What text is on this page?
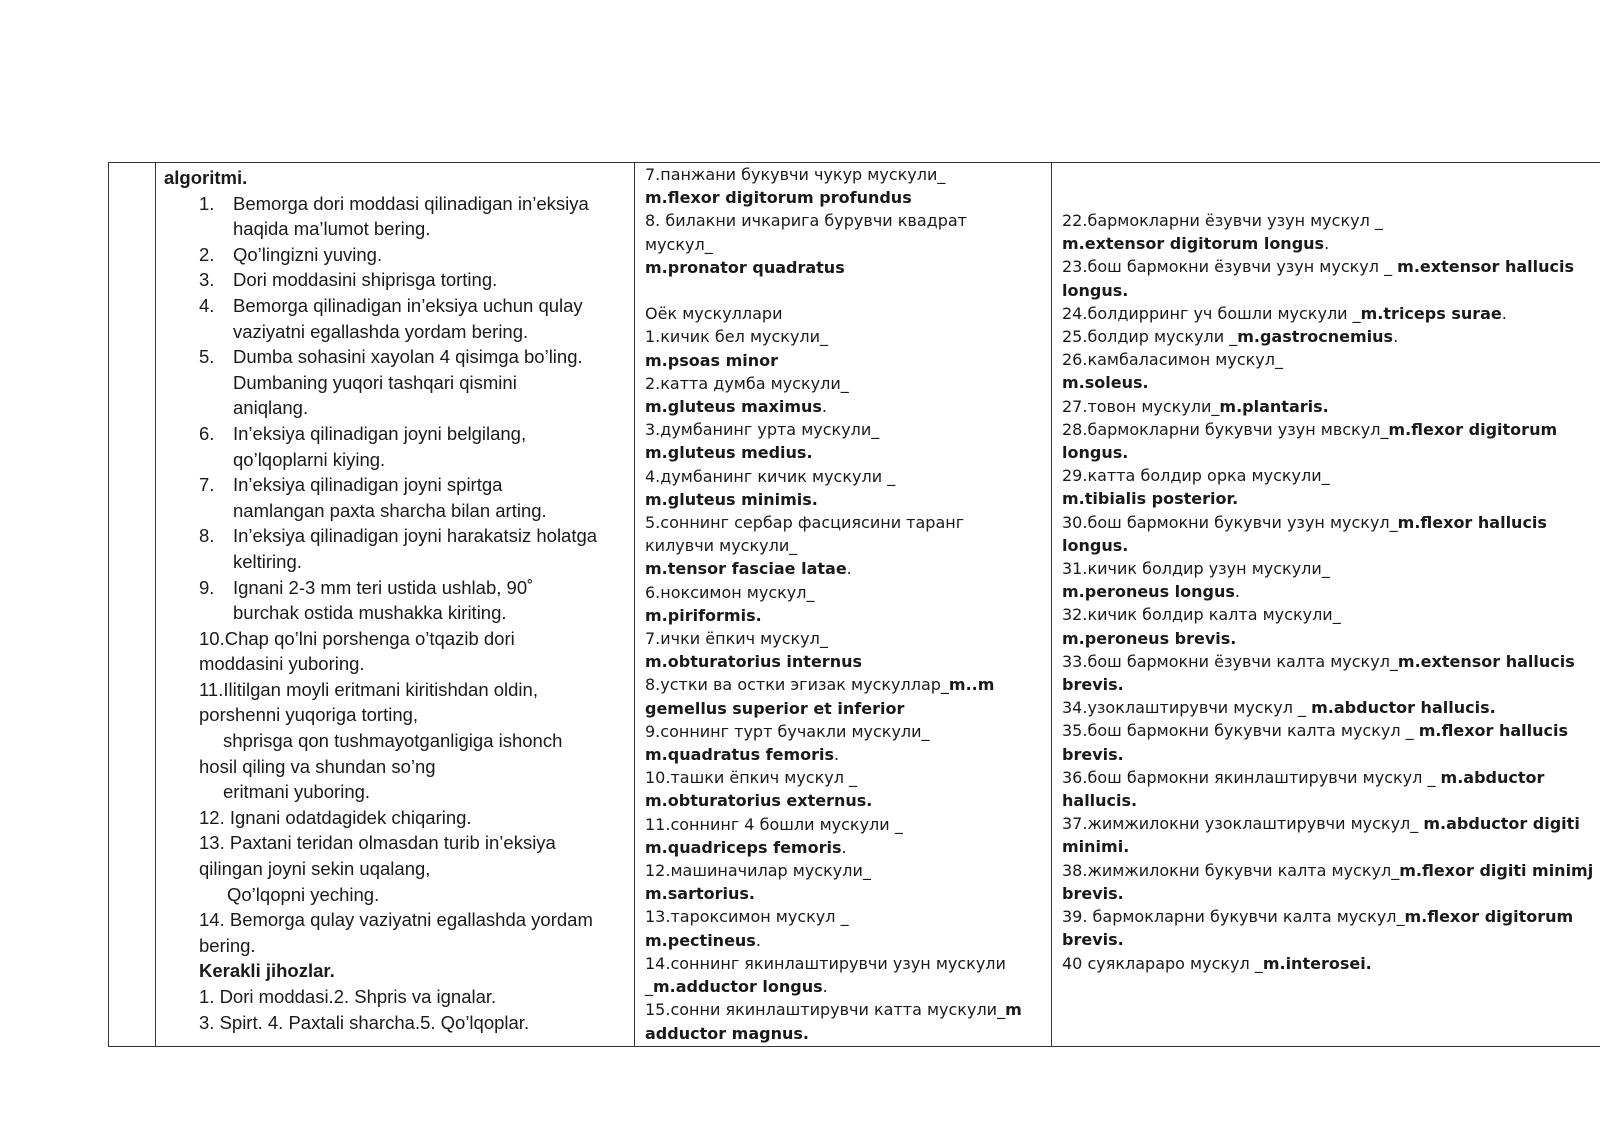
algoritmi.
1.	Bemorga dori moddasi qilinadigan in’eksiya
haqida ma’lumot bering.
2.	Qo’lingizni yuving.
3.	Dori moddasini shiprisga torting.
4.	Bemorga qilinadigan in’eksiya uchun qulay
vaziyatni egallashda yordam bering.
5.	Dumba sohasini xayolan 4 qisimga bo’ling.
Dumbaning yuqori tashqari qismini
aniqlang.
6.	In’eksiya qilinadigan joyni belgilang,
qo’lqoplarni kiying.
7.	In’eksiya qilinadigan joyni spirtga
namlangan paxta sharcha bilan arting.
8.	In’eksiya qilinadigan joyni harakatsiz holatga
keltiring.
9.	Ignani 2-3 mm teri ustida ushlab, 90˚
burchak ostida mushakka kiriting.
10.Chap qo’lni porshenga o’tqazib dori
moddasini yuboring.
11.Ilitilgan moyli eritmani kiritishdan oldin,
porshenni yuqoriga torting,
shprisga qon tushmayotganligiga ishonch
hosil qiling va shundan so’ng
eritmani yuboring.
12. Ignani odatdagidek chiqaring.
13. Paxtani teridan olmasdan turib in’eksiya
qilingan joyni sekin uqalang,
Qo’lqopni yeching.
14. Bemorga qulay vaziyatni egallashda yordam
bering.
Kerakli jihozlar.
1. Dori moddasi.2. Shpris va ignalar.
3. Spirt. 4. Paxtali sharcha.5. Qo’lqoplar.

7.панжани букувчи чукур мускули_
m.flexor digitorum profundus
8. билакни ичкарига бурувчи квадрат
мускул_
m.pronator quadratus
Оёк мускуллари
1.кичик бел мускули_
m.psoas minor
2.катта думба мускули_
m.gluteus maximus.
3.думбанинг урта мускули_
m.gluteus medius.
4.думбанинг кичик мускули _
m.gluteus minimis.
5.соннинг сербар фасциясини таранг
килувчи мускули_
m.tensor fasciae latae.
6.ноксимон мускул_
m.piriformis.
7.ички ёпкич мускул_
m.obturatorius internus
8.устки ва остки эгизак мускуллар_m..m
gemellus superior et inferior
9.соннинг турт бучакли мускули_
m.quadratus femoris.
10.ташки ёпкич мускул _
m.obturatorius externus.
11.соннинг 4 бошли мускули _
m.quadriceps femoris.
12.машиначилар мускули_
m.sartorius.
13.тароксимон мускул _
m.pectineus.
14.соннинг якинлаштирувчи узун мускули
_m.adductor longus.
15.сонни якинлаштирувчи катта мускули_m
adductor magnus.

22.бармокларни ёзувчи узун мускул _
m.extensor digitorum longus.
23.бош бармокни ёзувчи узун мускул _ m.extensor hallucis
longus.
24.болдирринг уч бошли мускули _m.triceps surae.
25.болдир мускули _m.gastrocnemius.
26.камбаласимон мускул_
m.soleus.
27.товон мускули_m.plantaris.
28.бармокларни букувчи узун мвскул_m.flexor digitorum
longus.
29.катта болдир орка мускули_
m.tibialis posterior.
30.бош бармокни букувчи узун мускул_m.flexor hallucis
longus.
31.кичик болдир узун мускули_
m.peroneus longus.
32.кичик болдир калта мускули_
m.peroneus brevis.
33.бош бармокни ёзувчи калта мускул_m.extensor hallucis
brevis.
34.узоклаштирувчи мускул _ m.abductor hallucis.
35.бош бармокни букувчи калта мускул _ m.flexor hallucis
brevis.
36.бош бармокни якинлаштирувчи мускул _ m.abductor
hallucis.
37.жимжилокни узоклаштирувчи мускул_ m.abductor digiti
minimi.
38.жимжилокни букувчи калта мускул_m.flexor digiti minimj
brevis.
39. бармокларни букувчи калта мускул_m.flexor digitorum
brevis.
40 суякларaро мускул _m.interosei.
